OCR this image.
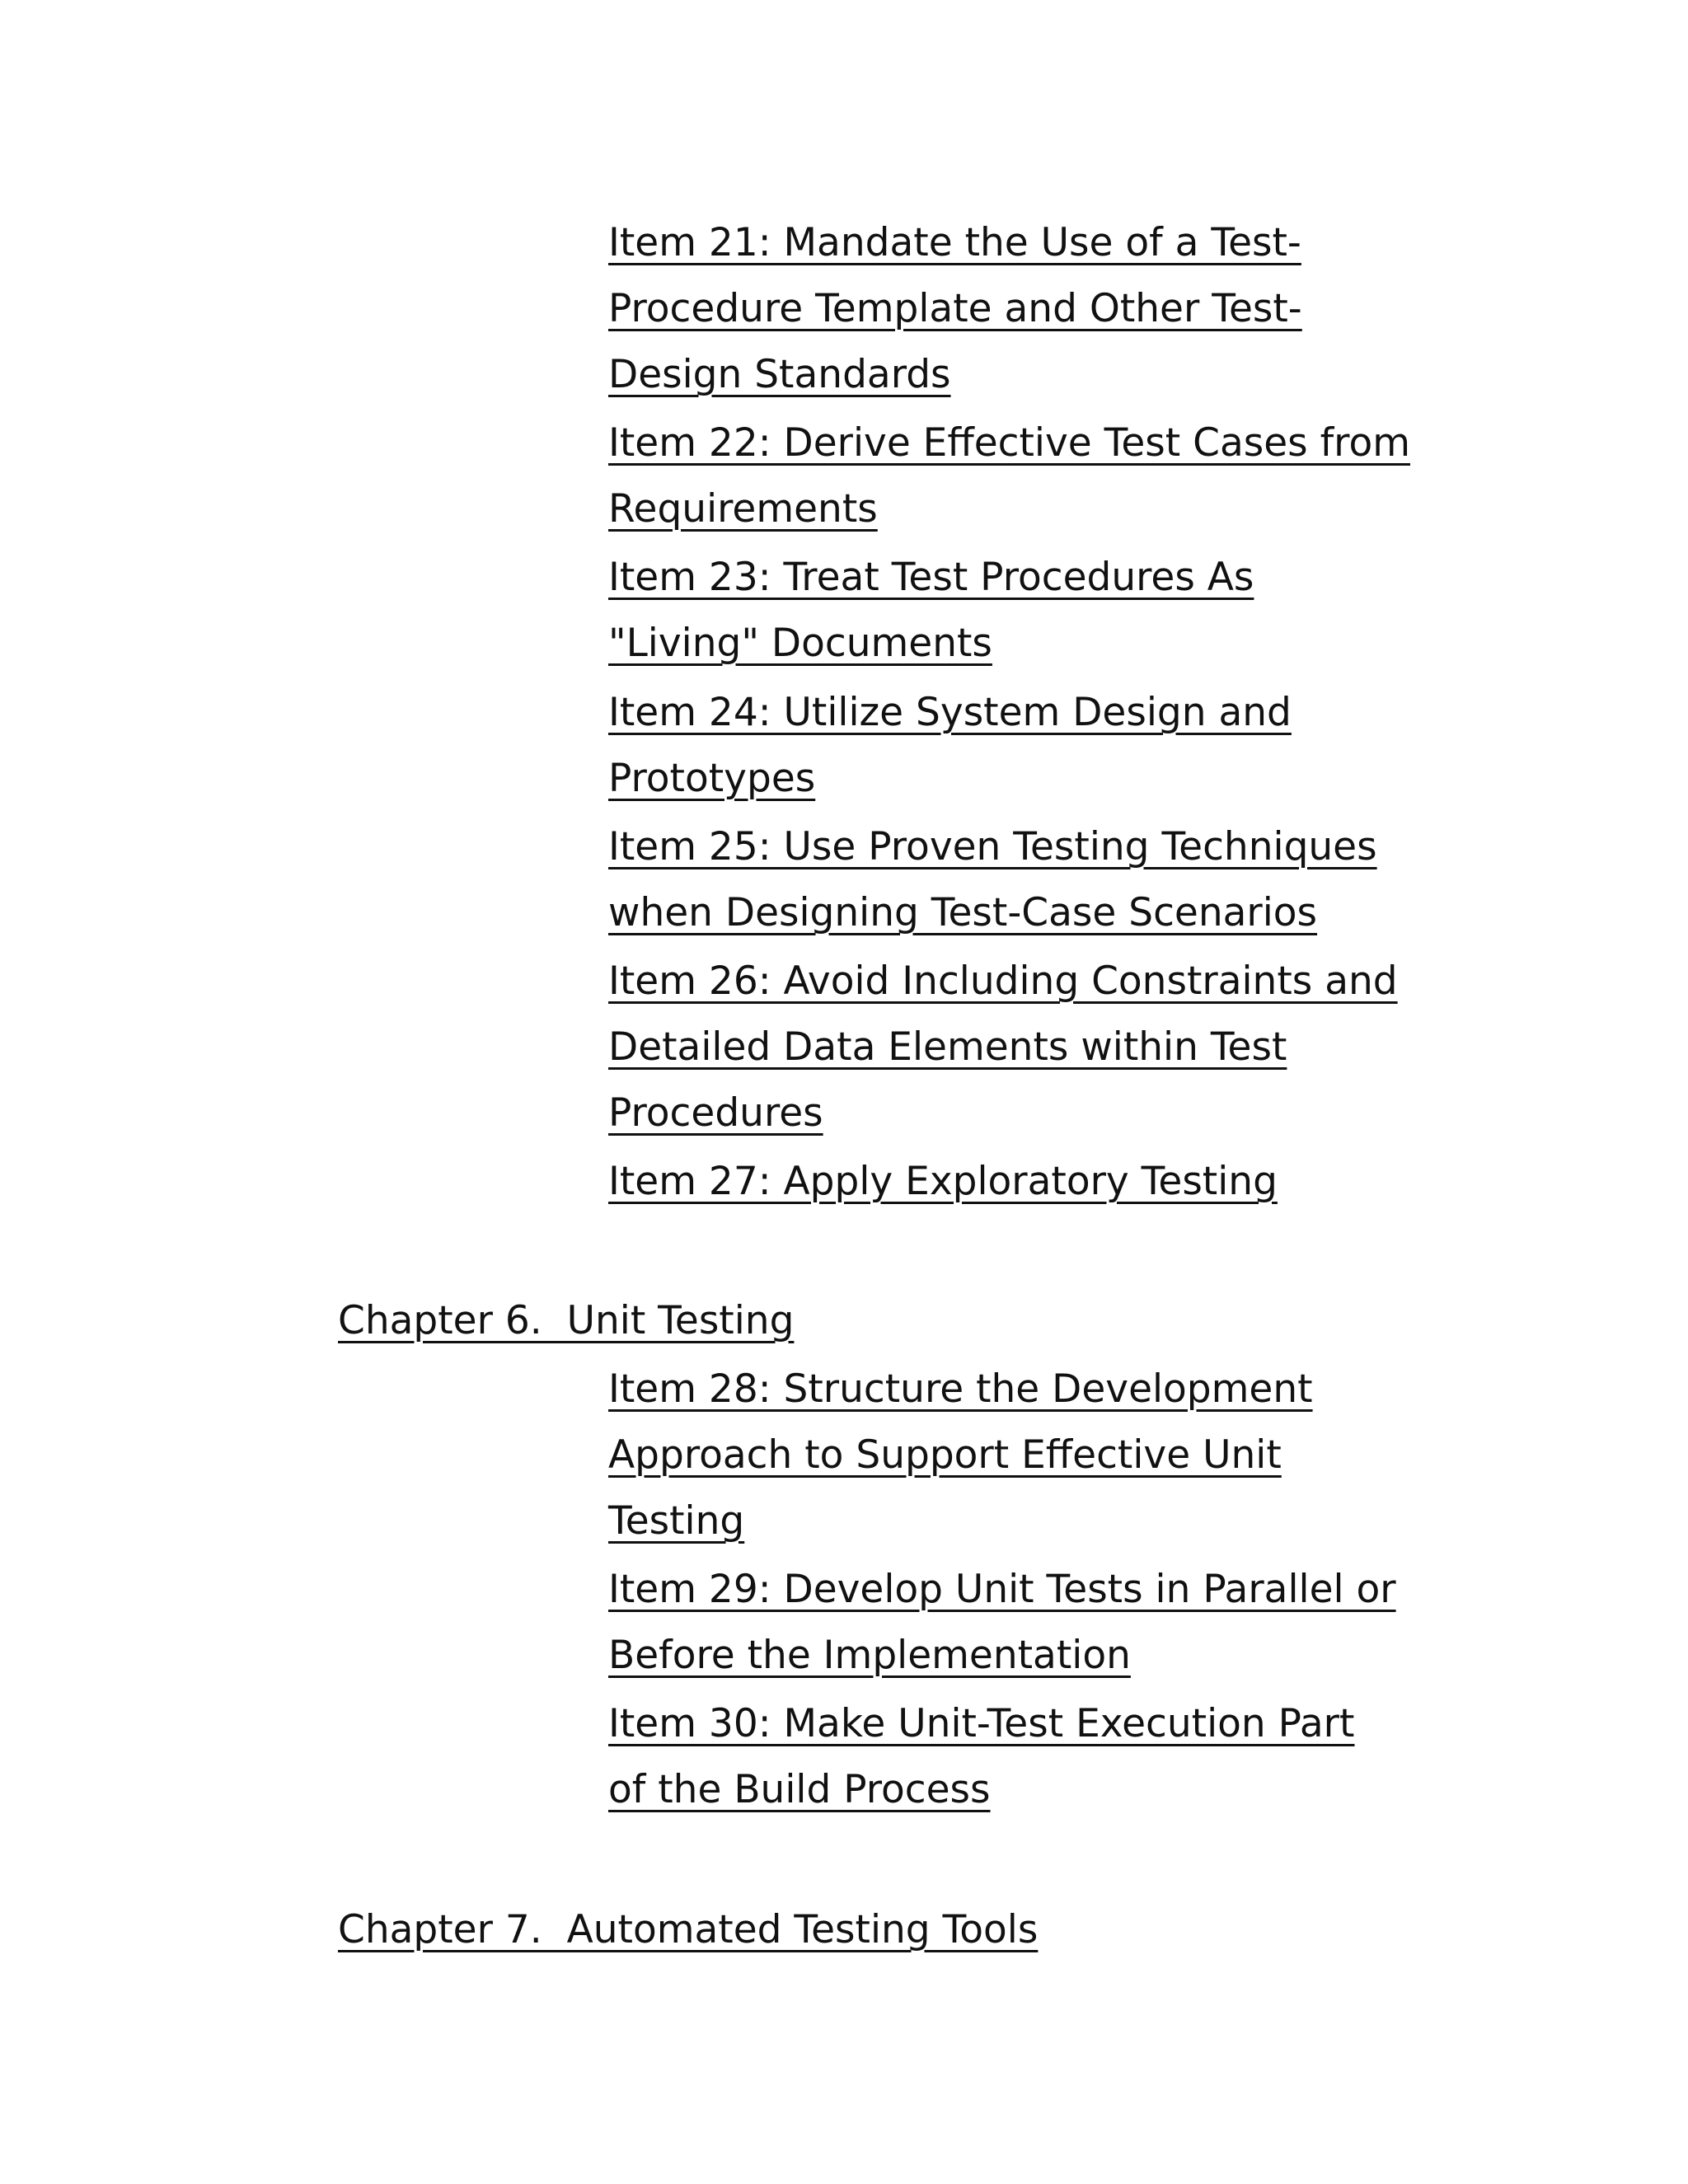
Item 21: Mandate the Use of a Test-
Procedure Template and Other Test-
Design Standards
Item 22: Derive Effective Test Cases from
Requirements
Item 23: Treat Test Procedures As
"Living" Documents
Item 24: Utilize System Design and
Prototypes
Item 25: Use Proven Testing Techniques
when Designing Test-Case Scenarios
Item 26: Avoid Including Constraints and
Detailed Data Elements within Test
Procedures
Item 27: Apply Exploratory Testing
Chapter 6.  Unit Testing
Item 28: Structure the Development
Approach to Support Effective Unit
Testing
Item 29: Develop Unit Tests in Parallel or
Before the Implementation
Item 30: Make Unit-Test Execution Part
of the Build Process
Chapter 7.  Automated Testing Tools
